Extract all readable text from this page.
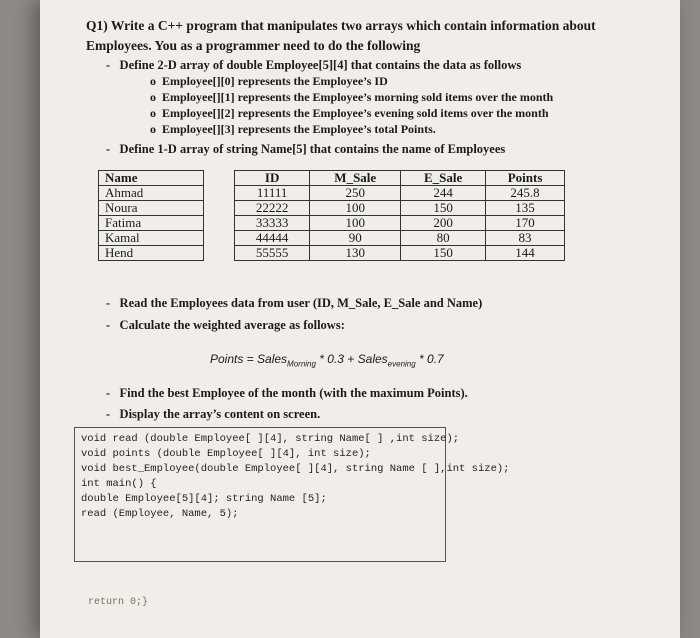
Q1) Write a C++ program that manipulates two arrays which contain information about
Employees. You as a programmer need to do the following
-   Define 2-D array of double Employee[5][4] that contains the data as follows
o  Employee[][0] represents the Employee’s ID
o  Employee[][1] represents the Employee’s morning sold items over the month
o  Employee[][2] represents the Employee’s evening sold items over the month
o  Employee[][3] represents the Employee’s total Points.
-   Define 1-D array of string Name[5] that contains the name of Employees
Name		ID	M_Sale	E_Sale	Points
Ahmad		11111	250	244	245.8
Noura		22222	100	150	135
Fatima		33333	100	200	170
Kamal		44444	90	80	83
Hend		55555	130	150	144
-   Read the Employees data from user (ID, M_Sale, E_Sale and Name)
-   Calculate the weighted average as follows:
Points = Sales$_{Morning}$ * 0.3 + Sales$_{evening}$ * 0.7
-   Find the best Employee of the month (with the maximum Points).
-   Display the array’s content on screen.
void read (double Employee[ ][4], string Name[ ] ,int size);
void points (double Employee[ ][4], int size);
void best_Employee(double Employee[ ][4], string Name [ ],int size);
int main() {
double Employee[5][4]; string Name [5];
read (Employee, Name, 5);
return 0;}
